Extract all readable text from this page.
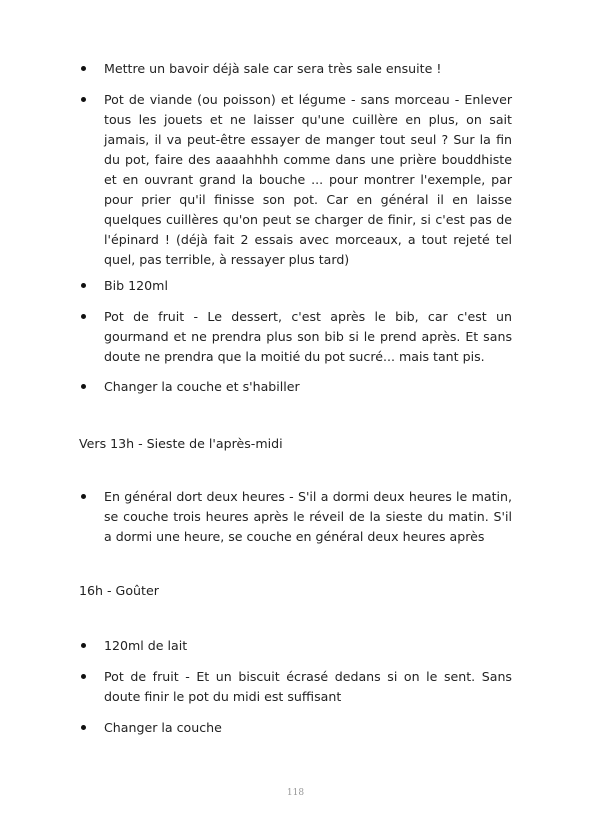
Mettre un bavoir déjà sale car sera très sale ensuite !
Pot de viande (ou poisson) et légume - sans morceau - Enlever tous les jouets et ne laisser qu'une cuillère en plus, on sait jamais, il va peut-être essayer de manger tout seul ? Sur la fin du pot, faire des aaaahhhh comme dans une prière bouddhiste et en ouvrant grand la bouche ... pour montrer l'exemple, par pour prier qu'il finisse son pot. Car en général il en laisse quelques cuillères qu'on peut se charger de finir, si c'est pas de l'épinard ! (déjà fait 2 essais avec morceaux, a tout rejeté tel quel, pas terrible, à ressayer plus tard)
Bib 120ml
Pot de fruit - Le dessert, c'est après le bib, car c'est un gourmand et ne prendra plus son bib si le prend après. Et sans doute ne prendra que la moitié du pot sucré... mais tant pis.
Changer la couche et s'habiller
Vers 13h - Sieste de l'après-midi
En général dort deux heures - S'il a dormi deux heures le matin, se couche trois heures après le réveil de la sieste du matin. S'il a dormi une heure, se couche en général deux heures après
16h - Goûter
120ml de lait
Pot de fruit - Et un biscuit écrasé dedans si on le sent. Sans doute finir le pot du midi est suffisant
Changer la couche
118
